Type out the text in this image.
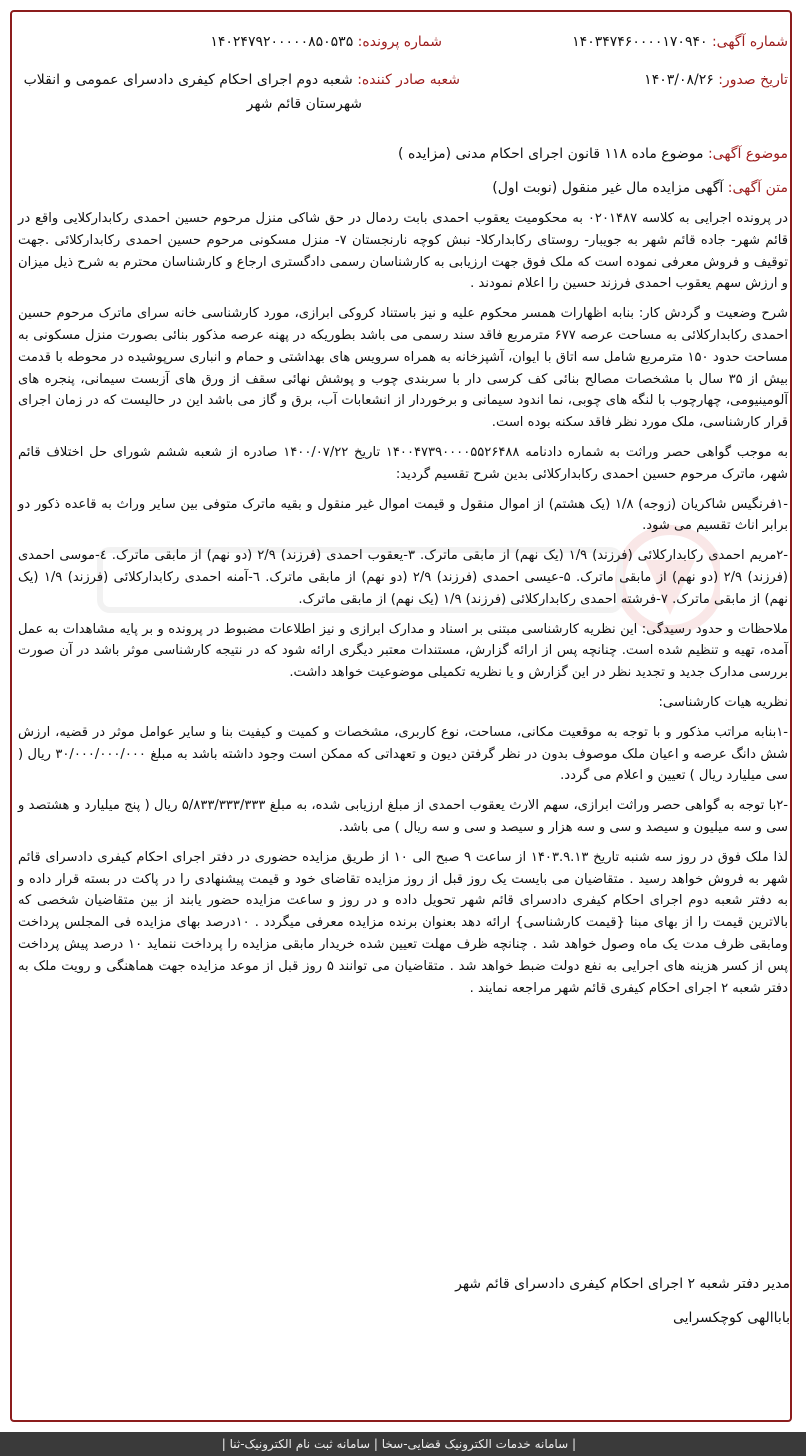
شماره آگهی: ۱۴۰۳۴۷۴۶۰۰۰۰۱۷۰۹۴۰
شماره پرونده: ۱۴۰۲۴۷۹۲۰۰۰۰۰۸۵۰۵۳۵
تاریخ صدور: ۱۴۰۳/۰۸/۲۶
شعبه صادر کننده: شعبه دوم اجرای احکام کیفری دادسرای عمومی و انقلاب
شهرستان قائم شهر
موضوع آگهی: موضوع ماده ۱۱۸ قانون اجرای احکام مدنی (مزایده )
متن آگهی: آگهی مزایده مال غیر منقول (نوبت اول)

در پرونده اجرایی به کلاسه ۰۲۰۱۴۸۷ به محکومیت یعقوب احمدی بابت ردمال در حق شاکی منزل مرحوم حسین احمدی رکابدارکلایی واقع در قائم شهر- جاده قائم شهر به جویبار- روستای رکابدارکلا- نبش کوچه نارنجستان ۷- منزل مسکونی مرحوم حسین احمدی رکابدارکلائی .جهت توقیف و فروش معرفی نموده است که ملک فوق جهت ارزیابی به کارشناسان رسمی دادگستری ارجاع و کارشناسان محترم به شرح ذیل میزان و ارزش سهم یعقوب احمدی فرزند حسین را اعلام نمودند .

شرح وضعیت و گردش کار: بنابه اظهارات همسر محکوم علیه و نیز باستناد کروکی ابرازی، مورد کارشناسی خانه سرای ماترک مرحوم حسین احمدی رکابدارکلائی به مساحت عرصه ۶۷۷ مترمربع فاقد سند رسمی می باشد بطوریکه در پهنه عرصه مذکور بنائی بصورت منزل مسکونی به مساحت حدود ۱۵۰ مترمربع شامل سه اتاق با ایوان، آشپزخانه به همراه سرویس های بهداشتی و حمام و انباری سرپوشیده در محوطه با قدمت بیش از ۳۵ سال با مشخصات مصالح بنائی کف کرسی دار با سربندی چوب و پوشش نهائی سقف از ورق های آزبست سیمانی، پنجره های آلومینیومی، چهارچوب با لنگه های چوبی، نما اندود سیمانی و برخوردار از انشعابات آب، برق و گاز می باشد این در حالیست که در زمان اجرای قرار کارشناسی، ملک مورد نظر فاقد سکنه بوده است.

به موجب گواهی حصر وراثت به شماره دادنامه ۱۴۰۰۴۷۳۹۰۰۰۰۵۵۲۶۴۸۸ تاریخ ۱۴۰۰/۰۷/۲۲ صادره از شعبه ششم شورای حل اختلاف قائم شهر، ماترک مرحوم حسین احمدی رکابدارکلائی بدین شرح تقسیم گردید:

-۱فرنگیس شاکریان (زوجه) ۱/۸ (یک هشتم) از اموال منقول و قیمت اموال غیر منقول و بقیه ماترک متوفی بین سایر وراث به قاعده ذکور دو برابر اناث تقسیم می شود.

-۲مریم احمدی رکابدارکلائی (فرزند) ۱/۹ (یک نهم) از مابقی ماترک. ۳-یعقوب احمدی (فرزند) ۲/۹ (دو نهم) از مابقی ماترک. ٤-موسی احمدی (فرزند) ۲/۹ (دو نهم) از مابقی ماترک. ۵-عیسی احمدی (فرزند) ۲/۹ (دو نهم) از مابقی ماترک. ٦-آمنه احمدی رکابدارکلائی (فرزند) ۱/۹ (یک نهم) از مابقی ماترک. ۷-فرشته احمدی رکابدارکلائی (فرزند) ۱/۹ (یک نهم) از مابقی ماترک.

ملاحظات و حدود رسیدگی: این نظریه کارشناسی مبتنی بر اسناد و مدارک ابرازی و نیز اطلاعات مضبوط در پرونده و بر پایه مشاهدات به عمل آمده، تهیه و تنظیم شده است. چنانچه پس از ارائه گزارش، مستندات معتبر دیگری ارائه شود که در نتیجه کارشناسی موثر باشد در آن صورت بررسی مدارک جدید و تجدید نظر در این گزارش و یا نظریه تکمیلی موضوعیت خواهد داشت.

نظریه هیات کارشناسی:

-۱بنابه مراتب مذکور و با توجه به موقعیت مکانی، مساحت، نوع کاربری، مشخصات و کمیت و کیفیت بنا و سایر عوامل موثر در قضیه، ارزش شش دانگ عرصه و اعیان ملک موصوف بدون در نظر گرفتن دیون و تعهداتی که ممکن است وجود داشته باشد به مبلغ ۳۰/۰۰۰/۰۰۰/۰۰۰ ریال ( سی میلیارد ریال ) تعیین و اعلام می گردد.

-۲با توجه به گواهی حصر وراثت ابرازی، سهم الارث یعقوب احمدی از مبلغ ارزیابی شده، به مبلغ ۵/۸۳۳/۳۳۳/۳۳۳ ریال ( پنج میلیارد و هشتصد و سی و سه میلیون و سیصد و سی و سه هزار و سیصد و سی و سه ریال ) می باشد.

لذا ملک فوق در روز سه شنبه تاریخ ۱۴۰۳.۹.۱۳ از ساعت ۹ صبح الی ۱۰ از طریق مزایده حضوری در دفتر اجرای احکام کیفری دادسرای قائم شهر به فروش خواهد رسید . متقاضیان می بایست یک روز قبل از روز مزایده تقاضای خود و قیمت پیشنهادی را در پاکت در بسته قرار داده و به دفتر شعبه دوم اجرای احکام کیفری دادسرای قائم شهر تحویل داده و در روز و ساعت مزایده حضور یابند از بین متقاضیان شخصی که بالاترین قیمت را از بهای مبنا {قیمت کارشناسی} ارائه دهد بعنوان برنده مزایده معرفی میگردد . ۱۰درصد بهای مزایده فی المجلس پرداخت ومابقی ظرف مدت یک ماه وصول خواهد شد . چنانچه ظرف مهلت تعیین شده خریدار مابقی مزایده را پرداخت ننماید ۱۰ درصد پیش پرداخت پس از کسر هزینه های اجرایی به نفع دولت ضبط خواهد شد . متقاضیان می توانند ۵ روز قبل از موعد مزایده جهت هماهنگی و رویت ملک به دفتر شعبه ۲ اجرای احکام کیفری قائم شهر مراجعه نمایند .

مدیر دفتر شعبه ۲ اجرای احکام کیفری دادسرای قائم شهر
باباالهی کوچکسرایی
| سامانه خدمات الکترونیک قضایی-سخا | سامانه ثبت نام الکترونیک-ثنا |
